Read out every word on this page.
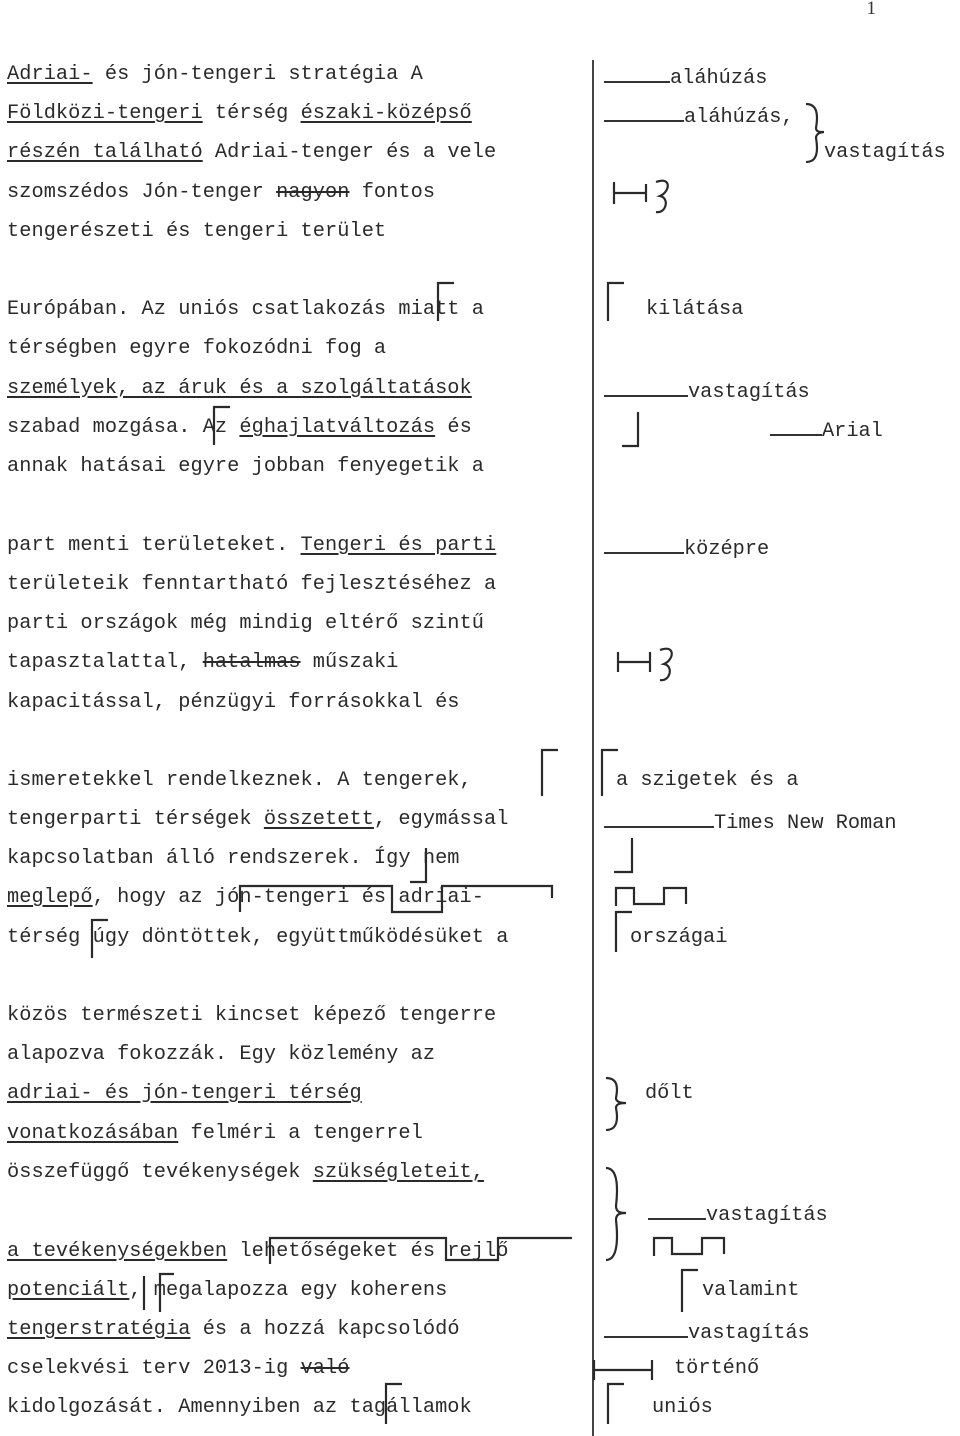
1
Adriai- és jón-tengeri stratégia A
Földközi-tengeri térség északi-középső
részén található Adriai-tenger és a vele
szomszédos Jón-tenger nagyon fontos
tengerészeti és tengeri terület
Európában. Az uniós csatlakozás miatt a
térségben egyre fokozódni fog a
személyek, az áruk és a szolgáltatások
szabad mozgása. Az éghajlatváltozás és
annak hatásai egyre jobban fenyegetik a
part menti területeket. Tengeri és parti
területeik fenntartható fejlesztéséhez a
parti országok még mindig eltérő szintű
tapasztalattal, hatalmas műszaki
kapacitással, pénzügyi forrásokkal és
ismeretekkel rendelkeznek. A tengerek,
tengerparti térségek összetett, egymással
kapcsolatban álló rendszerek. Így nem
meglepő, hogy az jón-tengeri és adriai-
térség úgy döntöttek, együttműködésüket a
közös természeti kincset képező tengerre
alapozva fokozzák. Egy közlemény az
adriai- és jón-tengeri térség
vonatkozásában felméri a tengerrel
összefüggő tevékenységek szükségleteit,
a tevékenységekben lehetőségeket és rejlő
potenciált, megalapozza egy koherens
tengerstratégia és a hozzá kapcsolódó
cselekvési terv 2013-ig való
kidolgozását. Amennyiben az tagállamok
aláhúzás
aláhúzás,
vastagítás
kilátása
vastagítás
Arial
középre
a szigetek és a
Times New Roman
országai
dőlt
vastagítás
valamint
vastagítás
történő
uniós
